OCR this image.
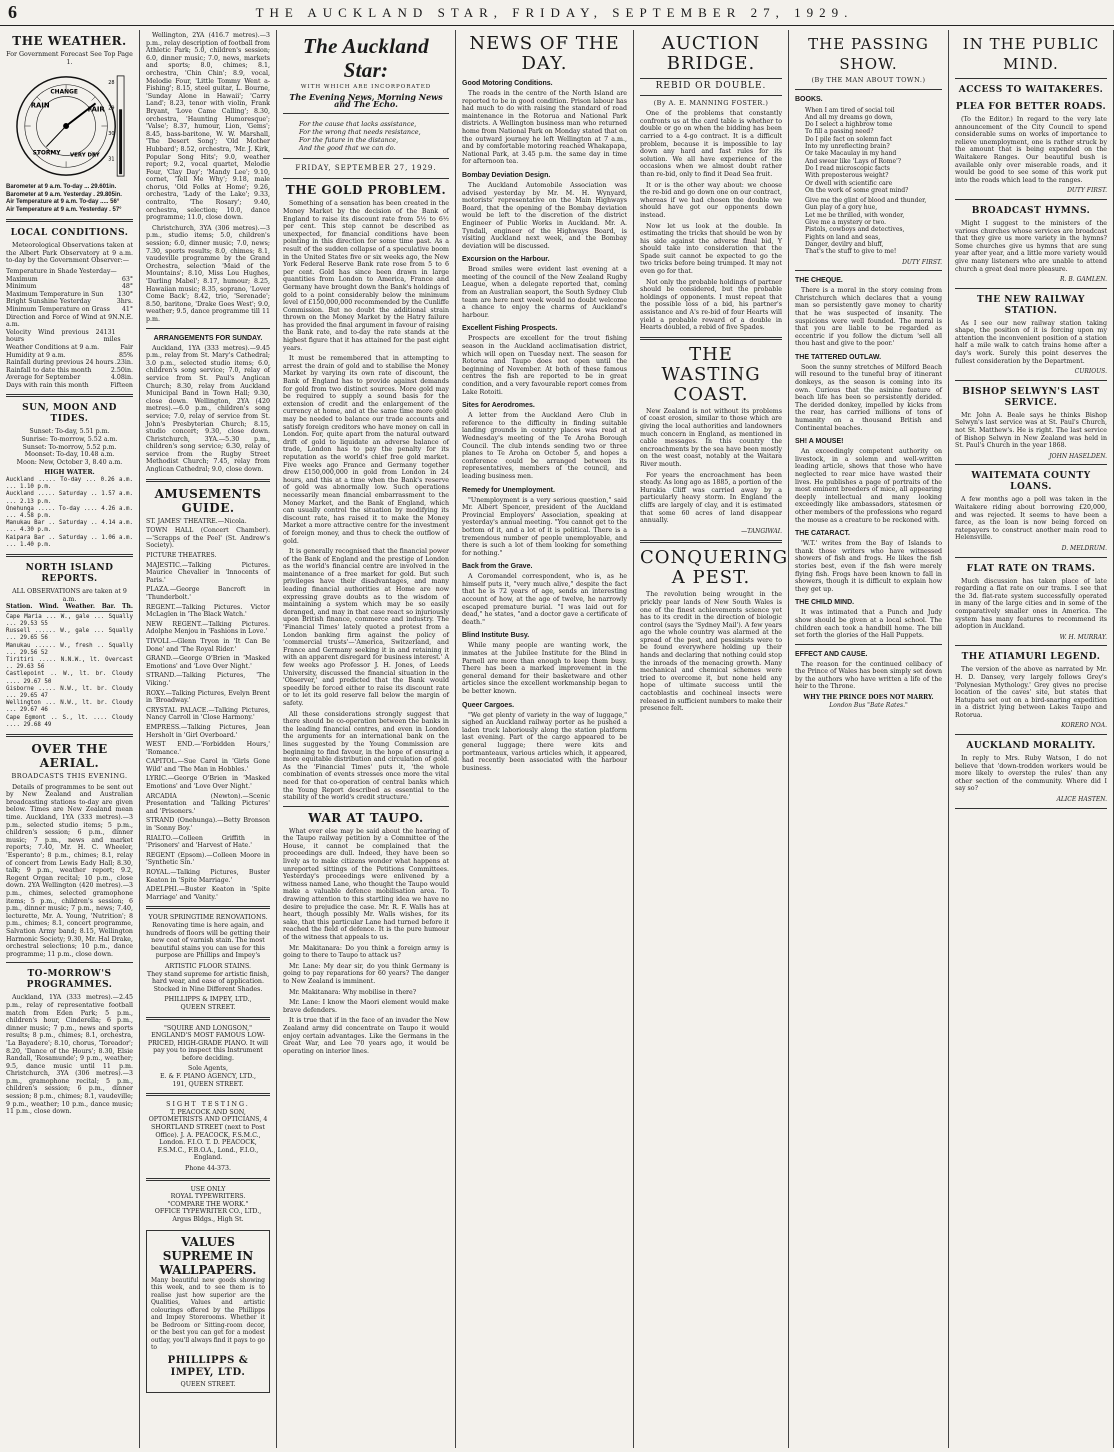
6	THE AUCKLAND STAR, FRIDAY, SEPTEMBER 27, 1929.
THE WEATHER.
For Government Forecast See Top Page 1.
RAIN
CHANGE
FAIR
STORMY VERY DRY
28
29
30
31
Barometer at 9 a.m. To-day ... 29.601in.
Barometer at 9 a.m. Yesterday . 29.805in.
Air Temperature at 9 a.m. To-day ..... 56°
Air Temperature at 9 a.m. Yesterday . 57°
LOCAL CONDITIONS.

Meteorological Observations taken at the Albert Park Observatory at 9 a.m. to-day by the Government Observer:—

Temperature in Shade Yesterday—
Maximum	63°
Minimum	48°
Maximum Temperature in Sun 130°
Bright Sunshine Yesterday	3hrs.
Minimum Temperature on Grass 41°
Direction and Force of Wind at 9 a.m.
N.N.E.
Velocity Wind previous 24 hours
131 miles
Weather Conditions at 9 a.m.	Fair
Humidity at 9 a.m.	85%
Rainfall during previous 24 hours .23in.
Rainfall to date this month	2.50in.
Average for September	4.08in.
Days with rain this month	Fifteen
SUN, MOON AND TIDES.
Sunset: To-day, 5.51 p.m.
Sunrise: To-morrow, 5.52 a.m.
Sunset: To-morrow, 5.52 p.m.
Moonset: To-day, 10.48 a.m.
Moon: New, October 3, 8.40 a.m.
HIGH WATER.
Auckland ..... To-day ... 0.26 a.m. ... 1.10 p.m.
Auckland ..... Saturday .. 1.57 a.m. ... 2.13 p.m.
Onehunga ..... To-day .... 4.26 a.m. ... 4.58 p.m.
Manukau Bar .. Saturday .. 4.14 a.m. ... 4.30 p.m.
Kaipara Bar .. Saturday .. 1.06 a.m. ... 1.40 p.m.
NORTH ISLAND REPORTS.
ALL OBSERVATIONS are taken at 9 a.m.
Station. Wind. Weather. Bar. Th.
Cape Maria ... W., gale ... Squally ... 29.53 55
Russell ...... W., gale ... Squally ... 29.65 56
Manukau ...... W., fresh .. Squally ... 29.56 52
Tiritiri ..... N.N.W., lt. Overcast .. 29.63 56
Castlepoint .. W., lt. br. Cloudy .... 29.67 50
Gisborne ..... N.W., lt. br. Cloudy ... 29.65 47
Wellington ... N.W., lt. br. Cloudy ... 29.67 46
Cape Egmont .. S., lt. .... Cloudy .... 29.68 49
OVER THE AERIAL.
BROADCASTS THIS EVENING.

Details of programmes to be sent out by New Zealand and Australian broadcasting stations to-day are given below. Times are New Zealand mean time. Auckland, 1YA (333 metres).—3 p.m., selected studio items; 5 p.m., children's session; 6 p.m., dinner music; 7 p.m., news and market reports; 7.40, Mr. H. C. Wheeler, 'Esperanto'; 8 p.m., chimes; 8.1, relay of concert from Lewis Eady Hall; 8.30, talk; 9 p.m., weather report; 9.2, Regent Organ recital; 10 p.m., close down. 2YA Wellington (420 metres).—3 p.m., chimes, selected gramophone items; 5 p.m., children's session; 6 p.m., dinner music; 7 p.m., news; 7.40, lecturette, Mr. A. Young, 'Nutrition'; 8 p.m., chimes; 8.1, concert programme, Salvation Army band; 8.15, Wellington Harmonic Society; 9.30, Mr. Hal Drake, orchestral selections; 10 p.m., dance programme; 11 p.m., close down.

TO-MORROW'S PROGRAMMES.

Auckland, 1YA (333 metres).—2.45 p.m., relay of representative football match from Eden Park; 5 p.m., children's hour, Cinderella; 6 p.m., dinner music; 7 p.m., news and sports results; 8 p.m., chimes; 8.1, orchestra, 'La Bayadere'; 8.10, chorus, 'Toreador'; 8.20, 'Dance of the Hours'; 8.30, Elsie Randall, 'Rosamunde'; 9 p.m., weather; 9.5, dance music until 11 p.m. Christchurch, 3YA (306 metres).—3 p.m., gramophone recital; 5 p.m., children's session; 6 p.m., dinner session; 8 p.m., chimes; 8.1, vaudeville; 9 p.m., weather; 10 p.m., dance music; 11 p.m., close down.

Wellington, 2YA (416.7 metres).—3 p.m., relay description of football from Athletic Park; 5.0, children's session; 6.0, dinner music; 7.0, news, markets and sports; 8.0, chimes; 8.1, orchestra, 'Chin Chin'; 8.9, vocal, Melodie Four, 'Little Tommy Went a-Fishing'; 8.15, steel guitar, L. Bourne, 'Sunday Alone in Hawaii'; 'Carry Land'; 8.23, tenor with violin, Frank Bryant, 'Love Came Calling'; 8.30, orchestra, 'Haunting Humoresque'; 'Valse'; 8.37, humour, Lion, 'Gems'; 8.45, bass-baritone, W. W. Marshall, 'The Desert Song'; 'Old Mother Hubbard'; 8.52, orchestra, 'Mr. J. Kirk, Popular Song Hits'; 9.0, weather report; 9.2, vocal quartet, Melodie Four, 'Clay Day'; 'Mandy Lee'; 9.10, cornet, 'Tell Me Why'; 9.18, male chorus, 'Old Folks at Home'; 9.26, orchestra, 'Lady of the Lake'; 9.33, contralto, 'The Rosary'; 9.40, orchestra, selection; 10.0, dance programme; 11.0, close down.

Christchurch, 3YA (306 metres).—3 p.m., studio items; 5.0, children's session; 6.0, dinner music; 7.0, news; 7.30, sports results; 8.0, chimes; 8.1, vaudeville programme by the Grand Orchestra, selection 'Maid of the Mountains'; 8.10, Miss Lou Hughes, 'Darling Mabel'; 8.17, humour; 8.25, Hawaiian music; 8.35, soprano, 'Lover Come Back'; 8.42, trio, 'Serenade'; 8.50, baritone, 'Drake Goes West'; 9.0, weather; 9.5, dance programme till 11 p.m.

ARRANGEMENTS FOR SUNDAY.

Auckland, 1YA (333 metres).—9.45 p.m., relay from St. Mary's Cathedral; 3.0 p.m., selected studio items; 6.0, children's song service; 7.0, relay of service from St. Paul's Anglican Church; 8.30, relay from Auckland Municipal Band in Town Hall; 9.30, close down. Wellington, 2YA (420 metres).—6.0 p.m., children's song service; 7.0, relay of service from St. John's Presbyterian Church; 8.15, studio concert; 9.30, close down. Christchurch, 3YA.—5.30 p.m., children's song service; 6.30, relay of service from the Rugby Street Methodist Church; 7.45, relay from Anglican Cathedral; 9.0, close down.

AMUSEMENTS GUIDE.
ST. JAMES' THEATRE.—Nicola.
TOWN HALL (Concert Chamber).—'Scrapps of the Peel' (St. Andrew's Society).
PICTURE THEATRES.
MAJESTIC.—Talking Pictures. Maurice Chevalier in 'Innocents of Paris.'
PLAZA.—George Bancroft in 'Thunderbolt.'
REGENT.—Talking Pictures. Victor McLaglen in 'The Black Watch.'
NEW REGENT.—Talking Pictures. Adolphe Menjou in 'Fashions in Love.'
TIVOLI.—Glenn Tryon in 'It Can Be Done' and 'The Royal Rider.'
GRAND.—George O'Brien in 'Masked Emotions' and 'Love Over Night.'
STRAND.—Talking Pictures, 'The Viking.'
ROXY.—Talking Pictures, Evelyn Brent in 'Broadway.'
CRYSTAL PALACE.—Talking Pictures, Nancy Carroll in 'Close Harmony.'
EMPRESS.—Talking Pictures, Jean Hersholt in 'Girl Overboard.'
WEST END.—'Forbidden Hours,' 'Romance.'
CAPITOL.—Sue Carol in 'Girls Gone Wild' and 'The Man in Hobbles.'
LYRIC.—George O'Brien in 'Masked Emotions' and 'Love Over Night.'
ARCADIA (Newton).—Scenic Presentation and 'Talking Pictures' and 'Prisoners.'
STRAND (Onehunga).—Betty Bronson in 'Sonny Boy.'
RIALTO.—Colleen Griffith in 'Prisoners' and 'Harvest of Hate.'
REGENT (Epsom).—Colleen Moore in 'Synthetic Sin.'
ROYAL.—Talking Pictures, Buster Keaton in 'Spite Marriage.'
ADELPHI.—Buster Keaton in 'Spite Marriage' and 'Vanity.'
YOUR SPRINGTIME RENOVATIONS.

Renovating time is here again, and hundreds of floors will be getting their new coat of varnish stain. The most beautiful stains you can use for this purpose are Phillips and Impey's

ARTISTIC FLOOR STAINS.

They stand supreme for artistic finish, hard wear, and ease of application. Stocked in Nine Different Shades.

PHILLIPPS & IMPEY, LTD.,
QUEEN STREET.
"SQUIRE AND LONGSON,"

ENGLAND'S MOST FAMOUS LOW-PRICED, HIGH-GRADE PIANO. It will pay you to inspect this Instrument before deciding.

Sole Agents,
E. & F. PIANO AGENCY, LTD.,
191, QUEEN STREET.
SIGHT TESTING.
T. PEACOCK AND SON,

OPTOMETRISTS AND OPTICIANS, 4 SHORTLAND STREET (next to Post Office). J. A. PEACOCK, F.S.M.C., London. F.I.O. T. D. PEACOCK, F.S.M.C., F.B.O.A., Lond., F.I.O., England.

Phone 44-373.
USE ONLY
ROYAL TYPEWRITERS.
"COMPARE THE WORK."
OFFICE TYPEWRITER CO., LTD., Argus Bldgs., High St.
VALUES SUPREME IN WALLPAPERS.

Many beautiful new goods showing this week, and to see them is to realise just how superior are the Qualities, Values and artistic colourings offered by the Phillipps and Impey Storerooms. Whether it be Bedroom or Sitting-room decor, or the best you can get for a modest outlay, you'll always find it pays to go to

PHILLIPPS & IMPEY, LTD.
QUEEN STREET.
The Auckland Star:
WITH WHICH ARE INCORPORATED
The Evening News, Morning News and The Echo.
For the cause that lacks assistance,
For the wrong that needs resistance,
For the future in the distance,
And the good that we can do.
FRIDAY, SEPTEMBER 27, 1929.
THE GOLD PROBLEM.

Something of a sensation has been created in the Money Market by the decision of the Bank of England to raise its discount rate from 5½ to 6½ per cent. This step cannot be described as unexpected, for financial conditions have been pointing in this direction for some time past. As a result of the sudden collapse of a speculative boom in the United States five or six weeks ago, the New York Federal Reserve Bank rate rose from 5 to 6 per cent. Gold has since been drawn in large quantities from London to America, France and Germany have brought down the Bank's holdings of gold to a point considerably below the minimum level of £150,000,000 recommended by the Cunliffe Commission. But no doubt the additional strain thrown on the Money Market by the Hatry failure has provided the final argument in favour of raising the Bank rate, and to-day the rate stands at the highest figure that it has attained for the past eight years.

It must be remembered that in attempting to arrest the drain of gold and to stabilise the Money Market by varying its own rate of discount, the Bank of England has to provide against demands for gold from two distinct sources. More gold may be required to supply a sound basis for the extension of credit and the enlargement of the currency at home, and at the same time more gold may be needed to balance our trade accounts and satisfy foreign creditors who have money on call in London. For, quite apart from the natural outward drift of gold to liquidate an adverse balance of trade, London has to pay the penalty for its reputation as the world's chief free gold market. Five weeks ago France and Germany together drew £150,000,000 in gold from London in 24 hours, and this at a time when the Bank's reserve of gold was abnormally low. Such operations necessarily mean financial embarrassment to the Money Market, and the Bank of England, which can usually control the situation by modifying its discount rate, has raised it to make the Money Market a more attractive centre for the investment of foreign money, and thus to check the outflow of gold.

It is generally recognised that the financial power of the Bank of England and the prestige of London as the world's financial centre are involved in the maintenance of a free market for gold. But such privileges have their disadvantages, and many leading financial authorities at Home are now expressing grave doubts as to the wisdom of maintaining a system which may be so easily deranged, and may in that case react so injuriously upon British finance, commerce and industry. The 'Financial Times' lately quoted a protest from a London banking firm against the policy of 'commercial trusts'—'America, Switzerland, and France and Germany seeking it in and retaining it with an apparent disregard for business interest.' A few weeks ago Professor J. H. Jones, of Leeds University, discussed the financial situation in the 'Observer,' and predicted that the Bank would speedily be forced either to raise its discount rate or to let its gold reserve fall below the margin of safety.

All these considerations strongly suggest that there should be co-operation between the banks in the leading financial centres, and even in London the arguments for an international bank on the lines suggested by the Young Commission are beginning to find favour, in the hope of ensuring a more equitable distribution and circulation of gold. As the 'Financial Times' puts it, 'the whole combination of events stresses once more the vital need for that co-operation of central banks which the Young Report described as essential to the stability of the world's credit structure.'

WAR AT TAUPO.

What ever else may be said about the hearing of the Taupo railway petition by a Committee of the House, it cannot be complained that the proceedings are dull. Indeed, they have been so lively as to make citizens wonder what happens at unreported sittings of the Petitions Committees. Yesterday's proceedings were enlivened by a witness named Lane, who thought the Taupo would make a valuable defence mobilisation area. To drawing attention to this startling idea we have no desire to prejudice the case. Mr. R. F. Walls has at heart, though possibly Mr. Walls wishes, for its sake, that this particular Lane had turned before it reached the field of defence. It is the pure humour of the witness that appeals to us.

Mr. Makitanara: Do you think a foreign army is going to there to Taupo to attack us?

Mr. Lane: My dear sir, do you think Germany is going to pay reparations for 60 years? The danger to New Zealand is imminent.

Mr. Makitanara: Why mobilise in there?

Mr. Lane: I know the Maori element would make brave defenders.

It is true that if in the face of an invader the New Zealand army did concentrate on Taupo it would enjoy certain advantages. Like the Germans in the Great War, and Lee 70 years ago, it would be operating on interior lines.

NEWS OF THE DAY.
Good Motoring Conditions.

The roads in the centre of the North Island are reported to be in good condition. Prison labour has had much to do with raising the standard of road maintenance in the Rotorua and National Park districts. A Wellington business man who returned home from National Park on Monday stated that on the outward journey he left Wellington at 7 a.m., and by comfortable motoring reached Whakapapa, National Park, at 3.45 p.m. the same day in time for afternoon tea.

Bombay Deviation Design.

The Auckland Automobile Association was advised yesterday by Mr. M. H. Wynyard, motorists' representative on the Main Highways Board, that the opening of the Bombay deviation would be left to the discretion of the district Engineer of Public Works in Auckland. Mr. A. Tyndall, engineer of the Highways Board, is visiting Auckland next week, and the Bombay deviation will be discussed.

Excursion on the Harbour.

Broad smiles were evident last evening at a meeting of the council of the New Zealand Rugby League, when a delegate reported that, coming from an Australian seaport, the South Sydney Club team are here next week would no doubt welcome a chance to enjoy the charms of Auckland's harbour.

Excellent Fishing Prospects.

Prospects are excellent for the trout fishing season in the Auckland acclimatisation district, which will open on Tuesday next. The season for Rotorua and Taupo does not open until the beginning of November. At both of these famous centres the fish are reported to be in great condition, and a very favourable report comes from Lake Rotoiti.

Sites for Aerodromes.

A letter from the Auckland Aero Club in reference to the difficulty in finding suitable landing grounds in country places was read at Wednesday's meeting of the Te Aroha Borough Council. The club intends sending two or three planes to Te Aroha on October 5, and hopes a conference could be arranged between its representatives, members of the council, and leading business men.

Remedy for Unemployment.

"Unemployment is a very serious question," said Mr. Albert Spencer, president of the Auckland Provincial Employers' Association, speaking at yesterday's annual meeting. "You cannot get to the bottom of it, and a lot of it is political. There is a tremendous number of people unemployable, and there is such a lot of them looking for something for nothing."

Back from the Grave.

A Coromandel correspondent, who is, as he himself puts it, "very much alive," despite the fact that he is 72 years of age, sends an interesting account of how, at the age of twelve, he narrowly escaped premature burial. "I was laid out for dead," he states, "and a doctor gave a certificate of death."

Blind Institute Busy.

While many people are wanting work, the inmates at the Jubilee Institute for the Blind in Parnell are more than enough to keep them busy. There has been a marked improvement in the general demand for their basketware and other articles since the excellent workmanship began to be better known.

Queer Cargoes.

"We get plenty of variety in the way of luggage," sighed an Auckland railway porter as he pushed a laden truck laboriously along the station platform last evening. Part of the cargo appeared to be general luggage; there were kits and portmanteaux, various articles which, it appeared, had recently been associated with the harbour business.

AUCTION BRIDGE.
REBID OR DOUBLE.
(By A. E. MANNING FOSTER.)

One of the problems that constantly confronts us at the card table is whether to double or go on when the bidding has been carried to a 4-go contract. It is a difficult problem, because it is impossible to lay down any hard and fast rules for its solution. We all have experience of the occasions when we almost doubt rather than re-bid, only to find it Dead Sea fruit.

It or is the other way about: we choose the re-bid and go down one on our contract, whereas if we had chosen the double we should have got our opponents down instead.

Now let us look at the double. In estimating the tricks that should be won by his side against the adverse final bid, Y should take into consideration that the Spade suit cannot be expected to go the two tricks before being trumped. It may not even go for that.

Not only the probable holdings of partner should be considered, but the probable holdings of opponents. I must repeat that the possible loss of a bid, his partner's assistance and A's re-bid of four Hearts will yield a probable reward of a double in Hearts doubled, a rebid of five Spades.

THE WASTING COAST.

New Zealand is not without its problems of coast erosion, similar to those which are giving the local authorities and landowners much concern in England, as mentioned in cable messages. In this country the encroachments by the sea have been mostly on the west coast, notably at the Waitara River mouth.

For years the encroachment has been steady. As long ago as 1885, a portion of the Hurakia Cliff was carried away by a particularly heavy storm. In England the cliffs are largely of clay, and it is estimated that some 60 acres of land disappear annually.

—TANGIWAI.
CONQUERING A PEST.

The revolution being wrought in the prickly pear lands of New South Wales is one of the finest achievements science yet has to its credit in the direction of biologic control (says the 'Sydney Mail'). A few years ago the whole country was alarmed at the spread of the pest, and pessimists were to be found everywhere holding up their hands and declaring that nothing could stop the inroads of the menacing growth. Many mechanical and chemical schemes were tried to overcome it, but none held any hope of ultimate success until the cactoblastis and cochineal insects were released in sufficient numbers to make their presence felt.

THE PASSING SHOW.
(By THE MAN ABOUT TOWN.)
BOOKS.
When I am tired of social toil
And all my dreams go down,
Do I select a highbrow tome
To fill a passing need?
Do I pile fact on solemn fact
Into my unreflecting brain?
Or take Macaulay in my hand
And swear like 'Lays of Rome'?
Do I read microscopic facts
With preposterous weight?
Or dwell with scientific care
On the work of some great mind?
Give me the glint of blood and thunder,
Gun play of a gory hue,
Let me be thrilled, with wonder,
Give me a mystery or two.
Pistols, cowboys and detectives,
Fights on land and seas,
Danger, devilry and bluff,
That's the stuff to give to me!
DUTY FIRST.
THE CHEQUE.

There is a moral in the story coming from Christchurch which declares that a young man so persistently gave money to charity that he was suspected of insanity. The suspicions were well founded. The moral is that you are liable to be regarded as eccentric if you follow the dictum 'sell all thou hast and give to the poor.'

THE TATTERED OUTLAW.

Soon the sunny stretches of Milford Beach will resound to the tuneful bray of itinerant donkeys, as the season is coming into its own. Curious that the asinine feature of beach life has been so persistently derided. The derided donkey, impelled by kicks from the rear, has carried millions of tons of humanity on a thousand British and Continental beaches.

SH! A MOUSE!

An exceedingly competent authority on livestock, in a solemn and well-written leading article, shows that those who have neglected to rear mice have wasted their lives. He publishes a page of portraits of the most eminent breeders of mice, all appearing deeply intellectual and many looking exceedingly like ambassadors, statesmen or other members of the professions who regard the mouse as a creature to be reckoned with.

THE CATARACT.

'W.T.' writes from the Bay of Islands to thank those writers who have witnessed showers of fish and frogs. He likes the fish stories best, even if the fish were merely flying fish. Frogs have been known to fall in showers, though it is difficult to explain how they get up.

THE CHILD MIND.

It was intimated that a Punch and Judy show should be given at a local school. The children each took a handbill home. The bill set forth the glories of the Hall Puppets.

EFFECT AND CAUSE.

The reason for the continued celibacy of the Prince of Wales has been simply set down by the authors who have written a life of the heir to the Throne.

WHY THE PRINCE DOES NOT MARRY.
London Bus "Bate Rates."
IN THE PUBLIC MIND.
ACCESS TO WAITAKERES.
PLEA FOR BETTER ROADS.

(To the Editor.) In regard to the very late announcement of the City Council to spend considerable sums on works of importance to relieve unemployment, one is rather struck by the amount that is being expended on the Waitakere Ranges. Our beautiful bush is available only over miserable roads, and it would be good to see some of this work put into the roads which lead to the ranges.

DUTY FIRST.
BROADCAST HYMNS.

Might I suggest to the ministers of the various churches whose services are broadcast that they give us more variety in the hymns? Some churches give us hymns that are sung year after year, and a little more variety would give many listeners who are unable to attend church a great deal more pleasure.

R. B. GAMLEN.
THE NEW RAILWAY STATION.

As I see our new railway station taking shape, the position of it is forcing upon my attention the inconvenient position of a station half a mile walk to catch trains home after a day's work. Surely this point deserves the fullest consideration by the Department.

CURIOUS.
BISHOP SELWYN'S LAST SERVICE.

Mr. John A. Beale says he thinks Bishop Selwyn's last service was at St. Paul's Church, not St. Matthew's. He is right. The last service of Bishop Selwyn in New Zealand was held in St. Paul's Church in the year 1868.

JOHN HASELDEN.
WAITEMATA COUNTY LOANS.

A few months ago a poll was taken in the Waitakere riding about borrowing £20,000, and was rejected. It seems to have been a farce, as the loan is now being forced on ratepayers to construct another main road to Helensville.

D. MELDRUM.
FLAT RATE ON TRAMS.

Much discussion has taken place of late regarding a flat rate on our trams. I see that the 3d. flat-rate system successfully operated in many of the large cities and in some of the comparatively smaller ones in America. The system has many features to recommend its adoption in Auckland.

W. H. MURRAY.
THE ATIAMURI LEGEND.

The version of the above as narrated by Mr. H. D. Dansey, very largely follows Grey's 'Polynesian Mythology.' Grey gives no precise location of the caves' site, but states that Hatupatu set out on a bird-snaring expedition in a district lying between Lakes Taupo and Rotorua.

KORERO NOA.
AUCKLAND MORALITY.

In reply to Mrs. Ruby Watson, I do not believe that 'down-trodden workers would be more likely to overstep the rules' than any other section of the community. Where did I say so?

ALICE HASTEN.
